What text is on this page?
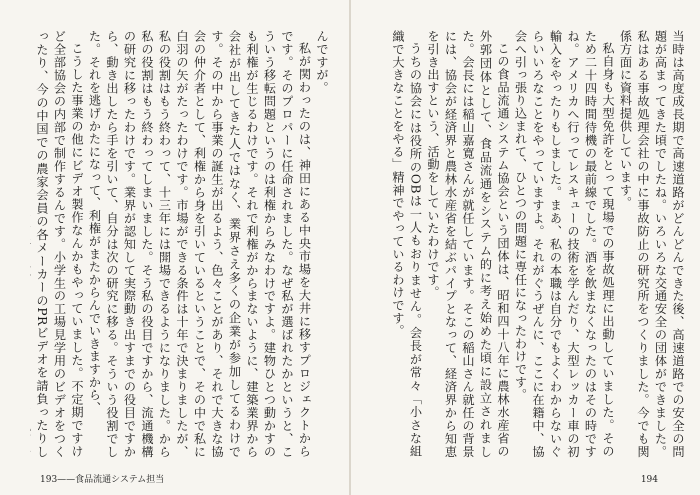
んですが。

私が関わったのは、神田にある中央市場を大井に移すプロジェクトからです。そのプロパーに任命されました。なぜ私が選ばれたかというと、こういう移転問題というのは利権からみなわけですよ。建物ひとつ動かすのも利権が生じるわけです。それで利権がからまないように、建築業界から会社が出してきた人ではなく、業界さえ多くの企業が参加してるわけです。その中から事業の誕生が出るよう、色々ことがあり、それで大きな協会の仲介者として、利権から身を引いているということで、その中で私に白羽の矢がたったわけです。市場ができる条件は十年で決まりましたが、私の役割はもう終わって、十三年には開場できるようになりました。から私の役割はもう終わってしまいました。そう私の役目ですから、流通機構の研究に移ったわけです。業界が認知して実際動き出すまでの役目ですから、動き出したら手を引いて、自分は次の研究に移る。そういう役割でした。それを逃げかたになって、利権がまたからんでいきますから、

こうした事業の他にビデオ製作なんかもやっていました。不定期ですけど全部協会の内部で制作するんです。小学生の工場見学用のビデオをつくったり、今の中国での農家会員の各メーカーのPRビデオを請負ったりし

193——食品流通システム担当

当時は高度成長期で高速道路がどんどんできた後、高速道路での安全の問題が高まってきた頃でしたね。いろいろな交通安全の団体ができました。私はある事故処理会社の中に事故防止の研究所をつくりました。今でも関係方面に資料提供しています。

私自身も大型免許をとって現場での事故処理に出動していました。そのため二十四時間待機の最前線でした。酒を飲まなくなったのはその時ですね。アメリカへ行ってレスキューの技術を学んだり、大型レッカー車の初輸入をやったりもしました。まあ、私の本職は自分でもよくわからないぐらいいろなことをやっていますよ。それがぐうぜんに、ここに在籍中、協会へ引っ張り込まれて、ひとつの問題に専任になったわけです。

この食品流通システム協会という団体は、昭和四十八年に農林水産省の外郭団体として、食品流通をシステム的に考え始めた頃に設立されました。会長には稲山嘉寛さんが就任しています。そこの稲山さん就任の背景には、協会が経済界と農林水産省を結ぶパイプとなって、経済界から知恵を引き出すという、活動をしていたわけです。

うちの協会には役所のOBは一人もおりません。会長が常々「小さな組織で大きなことをやる」精神でやっているわけです。

194
